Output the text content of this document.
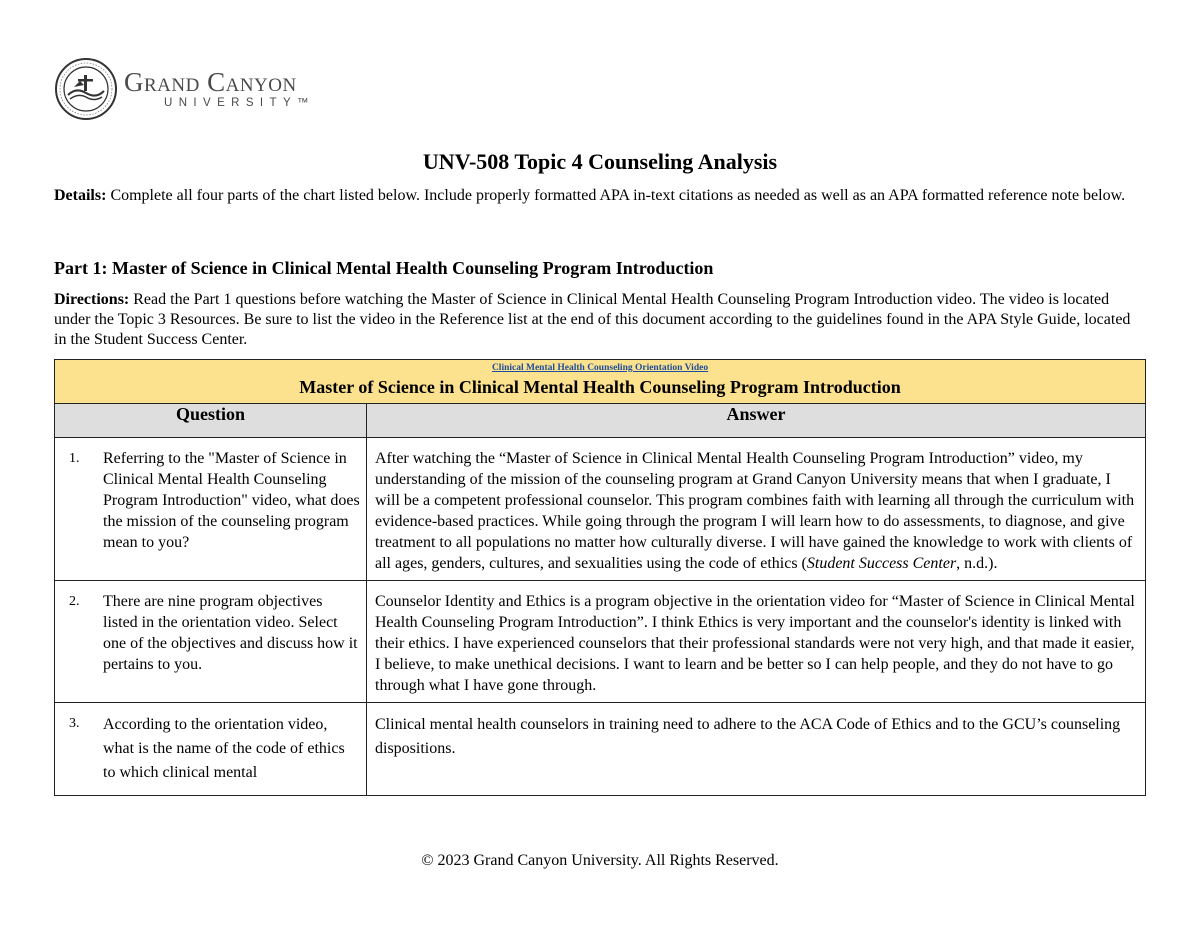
Grand Canyon
UNIVERSITY™
UNV-508 Topic 4 Counseling Analysis

Details: Complete all four parts of the chart listed below. Include properly formatted APA in-text citations as needed as well as an APA formatted reference note below.

Part 1: Master of Science in Clinical Mental Health Counseling Program Introduction

Directions: Read the Part 1 questions before watching the Master of Science in Clinical Mental Health Counseling Program Introduction video. The video is located under the Topic 3 Resources. Be sure to list the video in the Reference list at the end of this document according to the guidelines found in the APA Style Guide, located in the Student Success Center.

Clinical Mental Health Counseling Orientation Video
Master of Science in Clinical Mental Health Counseling Program Introduction	

Question	Answer

1. Referring to the "Master of Science in Clinical Mental Health Counseling Program Introduction" video, what does the mission of the counseling program mean to you?	After watching the “Master of Science in Clinical Mental Health Counseling Program Introduction” video, my understanding of the mission of the counseling program at Grand Canyon University means that when I graduate, I will be a competent professional counselor. This program combines faith with learning all through the curriculum with evidence-based practices. While going through the program I will learn how to do assessments, to diagnose, and give treatment to all populations no matter how culturally diverse. I will have gained the knowledge to work with clients of all ages, genders, cultures, and sexualities using the code of ethics (Student Success Center, n.d.).

2. There are nine program objectives listed in the orientation video. Select one of the objectives and discuss how it pertains to you.	Counselor Identity and Ethics is a program objective in the orientation video for “Master of Science in Clinical Mental Health Counseling Program Introduction”. I think Ethics is very important and the counselor's identity is linked with their ethics. I have experienced counselors that their professional standards were not very high, and that made it easier, I believe, to make unethical decisions. I want to learn and be better so I can help people, and they do not have to go through what I have gone through.

3. According to the orientation video, what is the name of the code of ethics to which clinical mental	Clinical mental health counselors in training need to adhere to the ACA Code of Ethics and to the GCU’s counseling dispositions.

© 2023 Grand Canyon University. All Rights Reserved.
